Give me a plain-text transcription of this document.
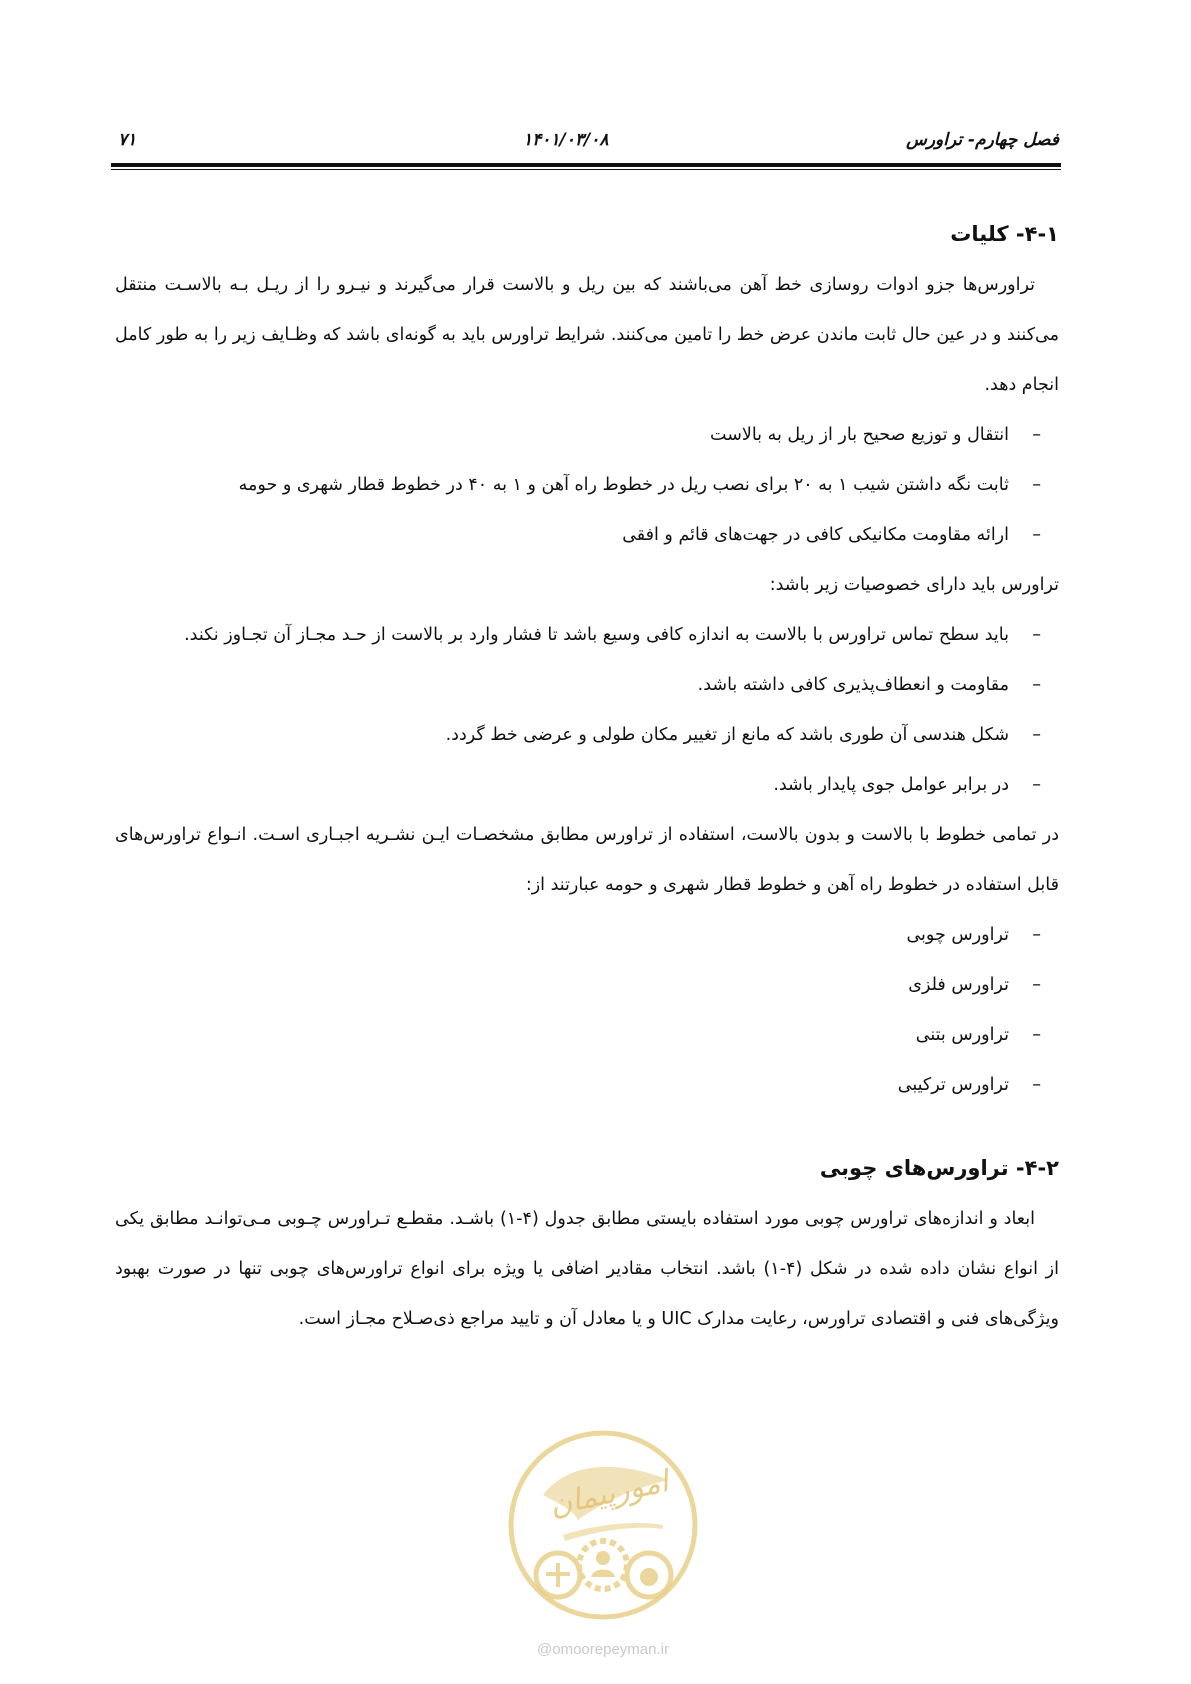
فصل چهارم- تراورس
۱۴۰۱/۰۳/۰۸
۷۱
۴-۱- کلیات

تراورس‌ها جزو ادوات روسازی خط آهن می‌باشند که بین ریل و بالاست قرار می‌گیرند و نیـرو را از ریـل بـه بالاسـت منتقل می‌کنند و در عین حال ثابت ماندن عرض خط را تامین می‌کنند. شرایط تراورس باید به گونه‌ای باشد که وظـایف زیر را به طور کامل انجام دهد.

–
انتقال و توزیع صحیح بار از ریل به بالاست
–
ثابت نگه داشتن شیب ۱ به ۲۰ برای نصب ریل در خطوط راه آهن و ۱ به ۴۰ در خطوط قطار شهری و حومه
–
ارائه مقاومت مکانیکی کافی در جهت‌های قائم و افقی

تراورس باید دارای خصوصیات زیر باشد:

–
باید سطح تماس تراورس با بالاست به اندازه کافی وسیع باشد تا فشار وارد بر بالاست از حـد مجـاز آن تجـاوز نکند.
–
مقاومت و انعطاف‌پذیری کافی داشته باشد.
–
شکل هندسی آن طوری باشد که مانع از تغییر مکان طولی و عرضی خط گردد.
–
در برابر عوامل جوی پایدار باشد.

در تمامی خطوط با بالاست و بدون بالاست، استفاده از تراورس مطابق مشخصـات ایـن نشـریه اجبـاری اسـت. انـواع تراورس‌های قابل استفاده در خطوط راه آهن و خطوط قطار شهری و حومه عبارتند از:

–
تراورس چوبی
–
تراورس فلزی
–
تراورس بتنی
–
تراورس ترکیبی
۴-۲- تراورس‌های چوبی

ابعاد و اندازه‌های تراورس چوبی مورد استفاده بایستی مطابق جدول (۴-۱) باشـد. مقطـع تـراورس چـوبی مـی‌توانـد مطابق یکی از انواع نشان داده شده در شکل (۴-۱) باشد. انتخاب مقادیر اضافی یا ویژه برای انواع تراورس‌های چوبی تنها در صورت بهبود ویژگی‌های فنی و اقتصادی تراورس، رعایت مدارک UIC و یا معادل آن و تایید مراجع ذی‌صـلاح مجـاز است.

امورپیمان
@omoorepeyman.ir
